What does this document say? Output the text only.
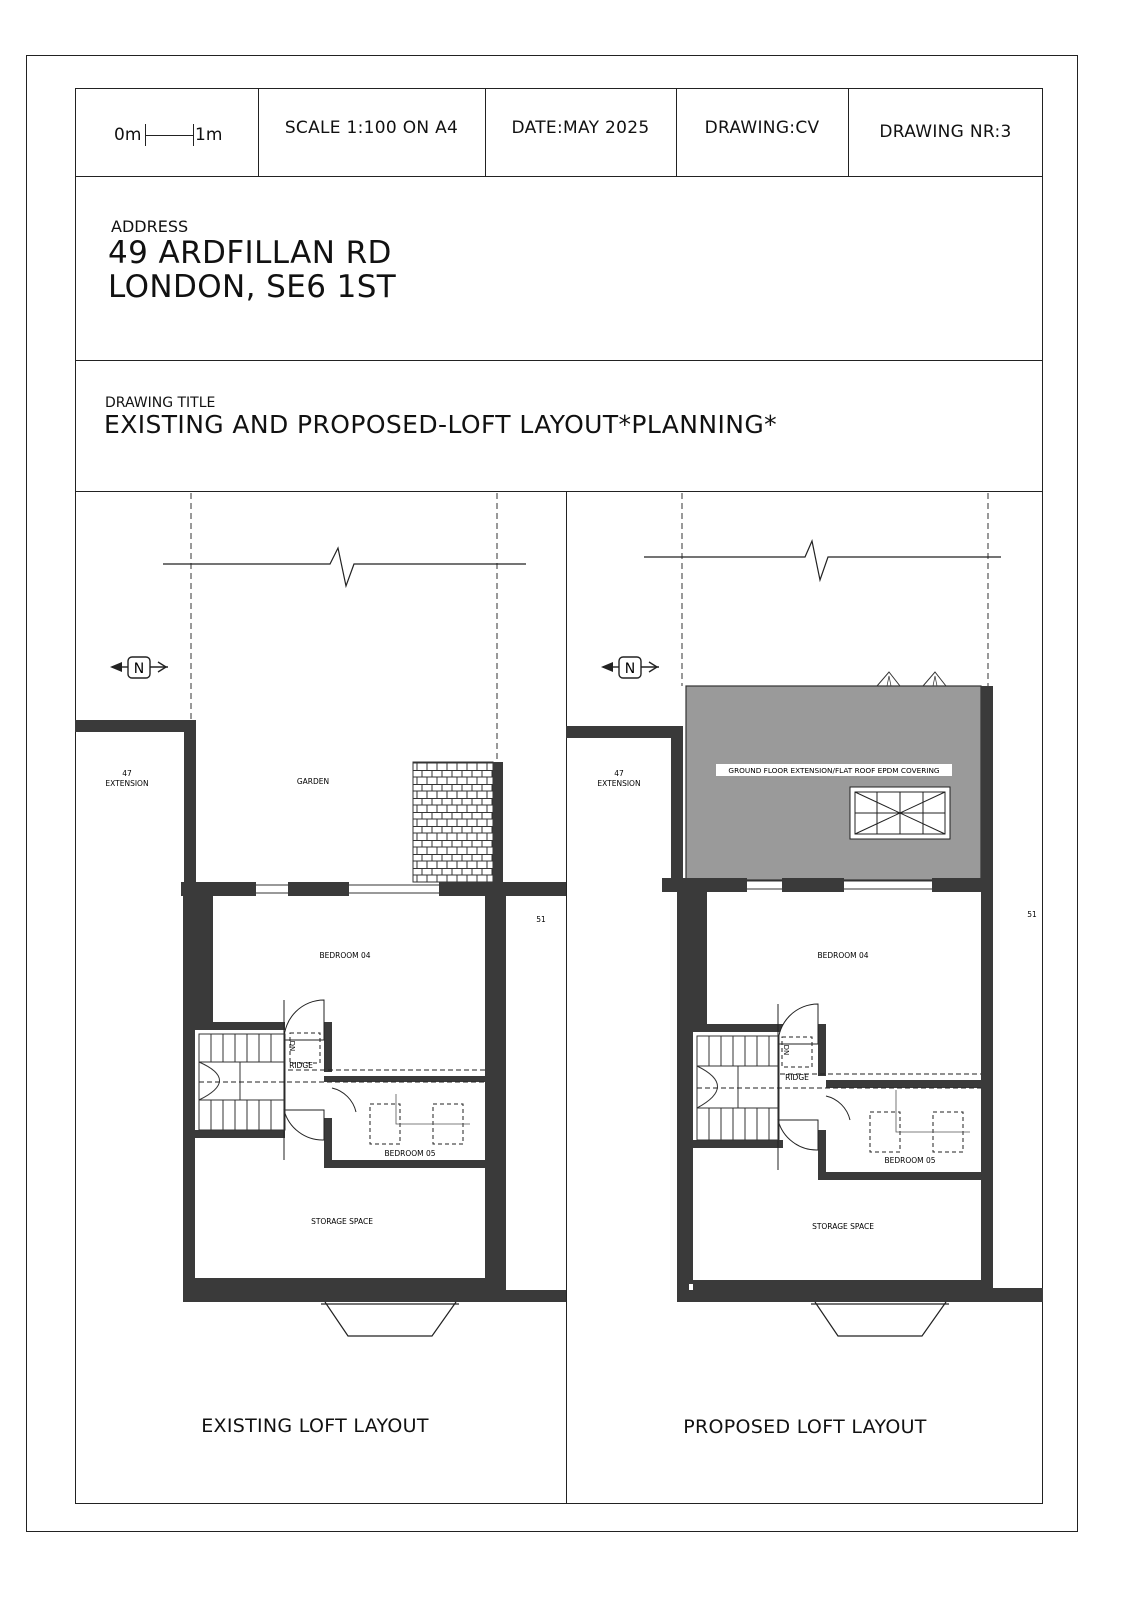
0m	1m	SCALE 1:100 ON A4	DATE:MAY 2025	DRAWING:CV	DRAWING NR:3
ADDRESS
49 ARDFILLAN RD
LONDON, SE6 1ST
DRAWING TITLE
EXISTING AND PROPOSED-LOFT LAYOUT*PLANNING*
N
47
EXTENSION	GARDEN
51
RIDGE
DN
BEDROOM 04
BEDROOM 05
STORAGE SPACE
N
47
EXTENSION
GROUND FLOOR EXTENSION/FLAT ROOF EPDM COVERING
51
RIDGE
DN
BEDROOM 04
BEDROOM 05
STORAGE SPACE
EXISTING LOFT LAYOUT	PROPOSED LOFT LAYOUT
